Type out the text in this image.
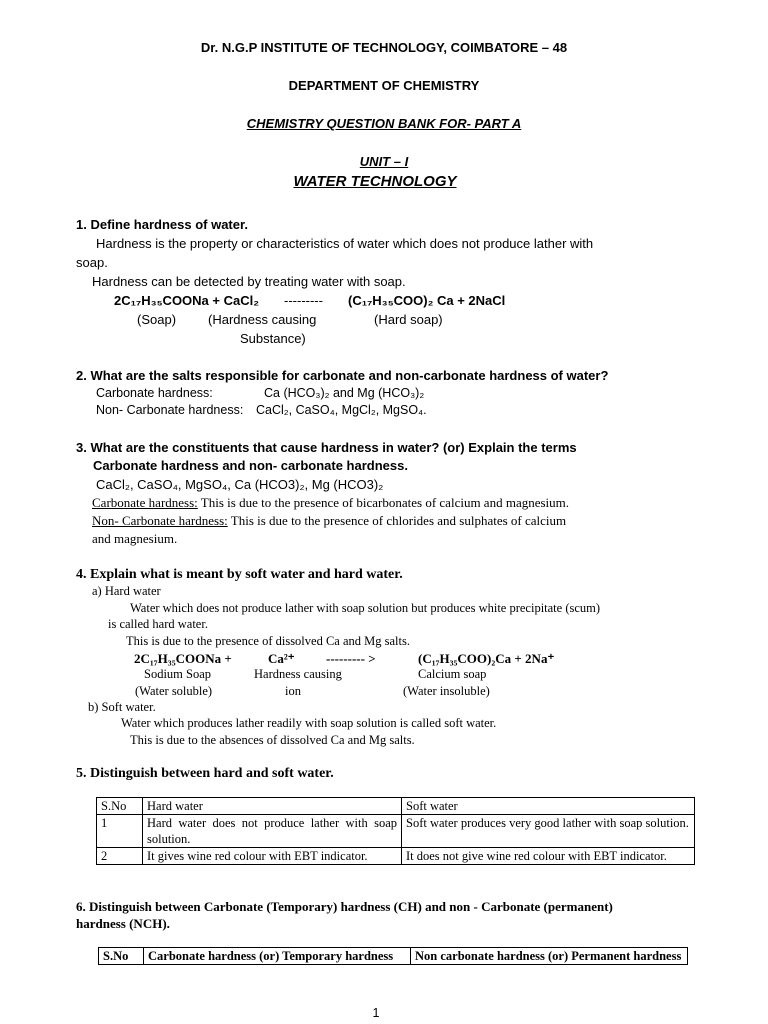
Dr. N.G.P INSTITUTE OF TECHNOLOGY, COIMBATORE – 48
DEPARTMENT OF CHEMISTRY
CHEMISTRY QUESTION BANK FOR- PART A
UNIT – I
WATER TECHNOLOGY
1. Define hardness of water.
Hardness is the property or characteristics of water which does not produce lather with
soap.
Hardness can be detected by treating water with soap.
2C₁₇H₃₅COONa + CaCl₂ --------- (C₁₇H₃₅COO)₂ Ca + 2NaCl
(Soap) (Hardness causing	(Hard soap)
Substance)
2. What are the salts responsible for carbonate and non-carbonate hardness of water?
Carbonate hardness:	Ca (HCO₃)₂ and Mg (HCO₃)₂
Non- Carbonate hardness: CaCl₂, CaSO₄, MgCl₂, MgSO₄.
3. What are the constituents that cause hardness in water? (or) Explain the terms
Carbonate hardness and non- carbonate hardness.
CaCl₂, CaSO₄, MgSO₄, Ca (HCO3)₂, Mg (HCO3)₂
Carbonate hardness: This is due to the presence of bicarbonates of calcium and magnesium.
Non- Carbonate hardness: This is due to the presence of chlorides and sulphates of calcium
and magnesium.
4. Explain what is meant by soft water and hard water.
a) Hard water
Water which does not produce lather with soap solution but produces white precipitate (scum)
is called hard water.
This is due to the presence of dissolved Ca and Mg salts.
2C₁₇H₃₅COONa +	Ca²⁺ --------- >	(C₁₇H₃₅COO)₂Ca + 2Na⁺
Sodium Soap	Hardness causing	Calcium soap
(Water soluble)	ion	(Water insoluble)
b) Soft water.
Water which produces lather readily with soap solution is called soft water.
This is due to the absences of dissolved Ca and Mg salts.
5. Distinguish between hard and soft water.
S.No	Hard water	Soft water
1	Hard water does not produce lather with soap solution.	Soft water produces very good lather with soap solution.
2	It gives wine red colour with EBT indicator.	It does not give wine red colour with EBT indicator.
6. Distinguish between Carbonate (Temporary) hardness (CH) and non - Carbonate (permanent)
hardness (NCH).
S.No	Carbonate hardness (or) Temporary hardness	Non carbonate hardness (or) Permanent hardness
1
